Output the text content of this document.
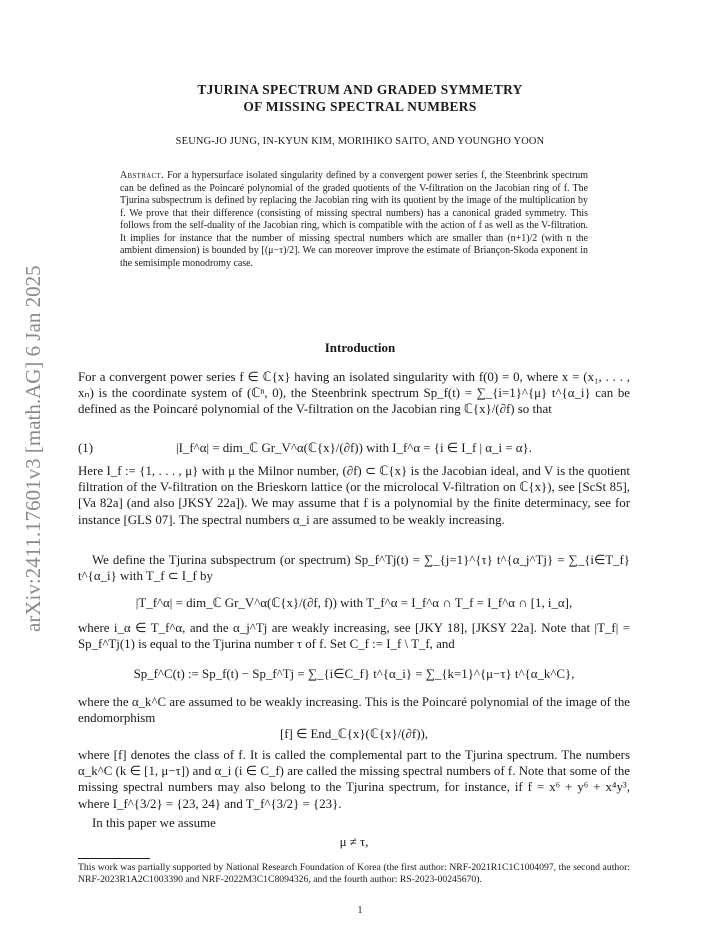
arXiv:2411.17601v3 [math.AG] 6 Jan 2025
TJURINA SPECTRUM AND GRADED SYMMETRY
OF MISSING SPECTRAL NUMBERS
SEUNG-JO JUNG, IN-KYUN KIM, MORIHIKO SAITO, AND YOUNGHO YOON
Abstract. For a hypersurface isolated singularity defined by a convergent power series f, the Steenbrink spectrum can be defined as the Poincaré polynomial of the graded quotients of the V-filtration on the Jacobian ring of f. The Tjurina subspectrum is defined by replacing the Jacobian ring with its quotient by the image of the multiplication by f. We prove that their difference (consisting of missing spectral numbers) has a canonical graded symmetry. This follows from the self-duality of the Jacobian ring, which is compatible with the action of f as well as the V-filtration. It implies for instance that the number of missing spectral numbers which are smaller than (n+1)/2 (with n the ambient dimension) is bounded by [(μ−τ)/2]. We can moreover improve the estimate of Briançon-Skoda exponent in the semisimple monodromy case.
Introduction
For a convergent power series f ∈ ℂ{x} having an isolated singularity with f(0) = 0, where x = (x₁, . . . , xₙ) is the coordinate system of (ℂⁿ, 0), the Steenbrink spectrum Sp_f(t) = ∑_{i=1}^{μ} t^{α_i} can be defined as the Poincaré polynomial of the V-filtration on the Jacobian ring ℂ{x}/(∂f) so that
(1)	|I_f^α| = dim_ℂ Gr_V^α(ℂ{x}/(∂f)) with I_f^α = {i ∈ I_f | α_i = α}.
Here I_f := {1, . . . , μ} with μ the Milnor number, (∂f) ⊂ ℂ{x} is the Jacobian ideal, and V is the quotient filtration of the V-filtration on the Brieskorn lattice (or the microlocal V-filtration on ℂ{x}), see [ScSt 85], [Va 82a] (and also [JKSY 22a]). We may assume that f is a polynomial by the finite determinacy, see for instance [GLS 07]. The spectral numbers α_i are assumed to be weakly increasing.
We define the Tjurina subspectrum (or spectrum) Sp_f^Tj(t) = ∑_{j=1}^{τ} t^{α_j^Tj} = ∑_{i∈T_f} t^{α_i} with T_f ⊂ I_f by
|T_f^α| = dim_ℂ Gr_V^α(ℂ{x}/(∂f, f)) with T_f^α = I_f^α ∩ T_f = I_f^α ∩ [1, i_α],
where i_α ∈ T_f^α, and the α_j^Tj are weakly increasing, see [JKY 18], [JKSY 22a]. Note that |T_f| = Sp_f^Tj(1) is equal to the Tjurina number τ of f. Set C_f := I_f \ T_f, and
Sp_f^C(t) := Sp_f(t) − Sp_f^Tj = ∑_{i∈C_f} t^{α_i} = ∑_{k=1}^{μ−τ} t^{α_k^C},
where the α_k^C are assumed to be weakly increasing. This is the Poincaré polynomial of the image of the endomorphism
[f] ∈ End_ℂ{x}(ℂ{x}/(∂f)),
where [f] denotes the class of f. It is called the complemental part to the Tjurina spectrum. The numbers α_k^C (k ∈ [1, μ−τ]) and α_i (i ∈ C_f) are called the missing spectral numbers of f. Note that some of the missing spectral numbers may also belong to the Tjurina spectrum, for instance, if f = x⁶ + y⁶ + x⁴y³, where I_f^{3/2} = {23, 24} and T_f^{3/2} = {23}.
In this paper we assume
μ ≠ τ,
This work was partially supported by National Research Foundation of Korea (the first author: NRF-2021R1C1C1004097, the second author: NRF-2023R1A2C1003390 and NRF-2022M3C1C8094326, and the fourth author: RS-2023-00245670).
1
